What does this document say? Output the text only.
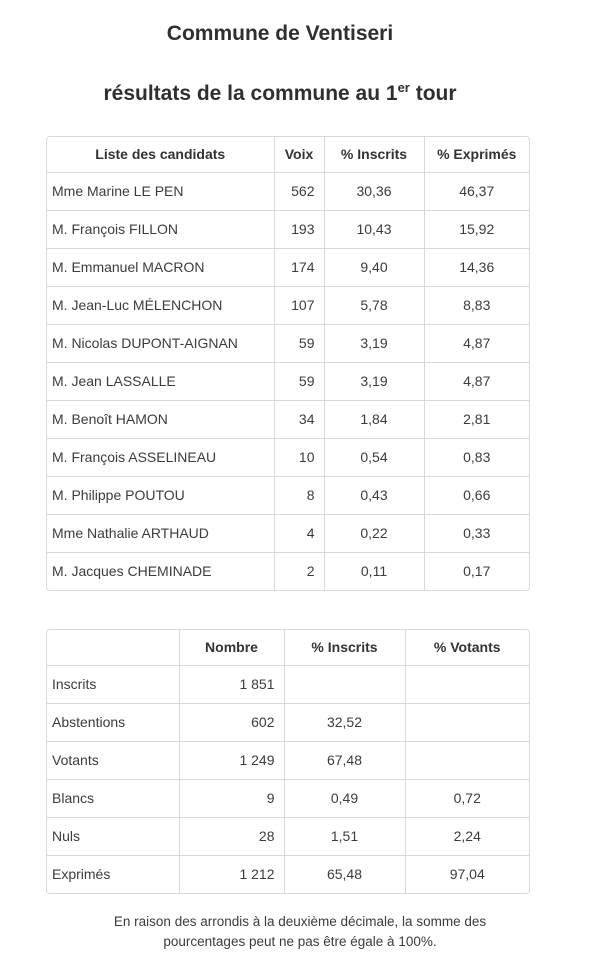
Commune de Ventiseri
résultats de la commune au 1er tour
Liste des candidats	Voix	% Inscrits	% Exprimés
Mme Marine LE PEN	562	30,36	46,37
M. François FILLON	193	10,43	15,92
M. Emmanuel MACRON	174	9,40	14,36
M. Jean-Luc MÉLENCHON	107	5,78	8,83
M. Nicolas DUPONT-AIGNAN	59	3,19	4,87
M. Jean LASSALLE	59	3,19	4,87
M. Benoît HAMON	34	1,84	2,81
M. François ASSELINEAU	10	0,54	0,83
M. Philippe POUTOU	8	0,43	0,66
Mme Nathalie ARTHAUD	4	0,22	0,33
M. Jacques CHEMINADE	2	0,11	0,17
	Nombre	% Inscrits	% Votants
Inscrits	1 851		
Abstentions	602	32,52	
Votants	1 249	67,48	
Blancs	9	0,49	0,72
Nuls	28	1,51	2,24
Exprimés	1 212	65,48	97,04

En raison des arrondis à la deuxième décimale, la somme des
pourcentages peut ne pas être égale à 100%.
